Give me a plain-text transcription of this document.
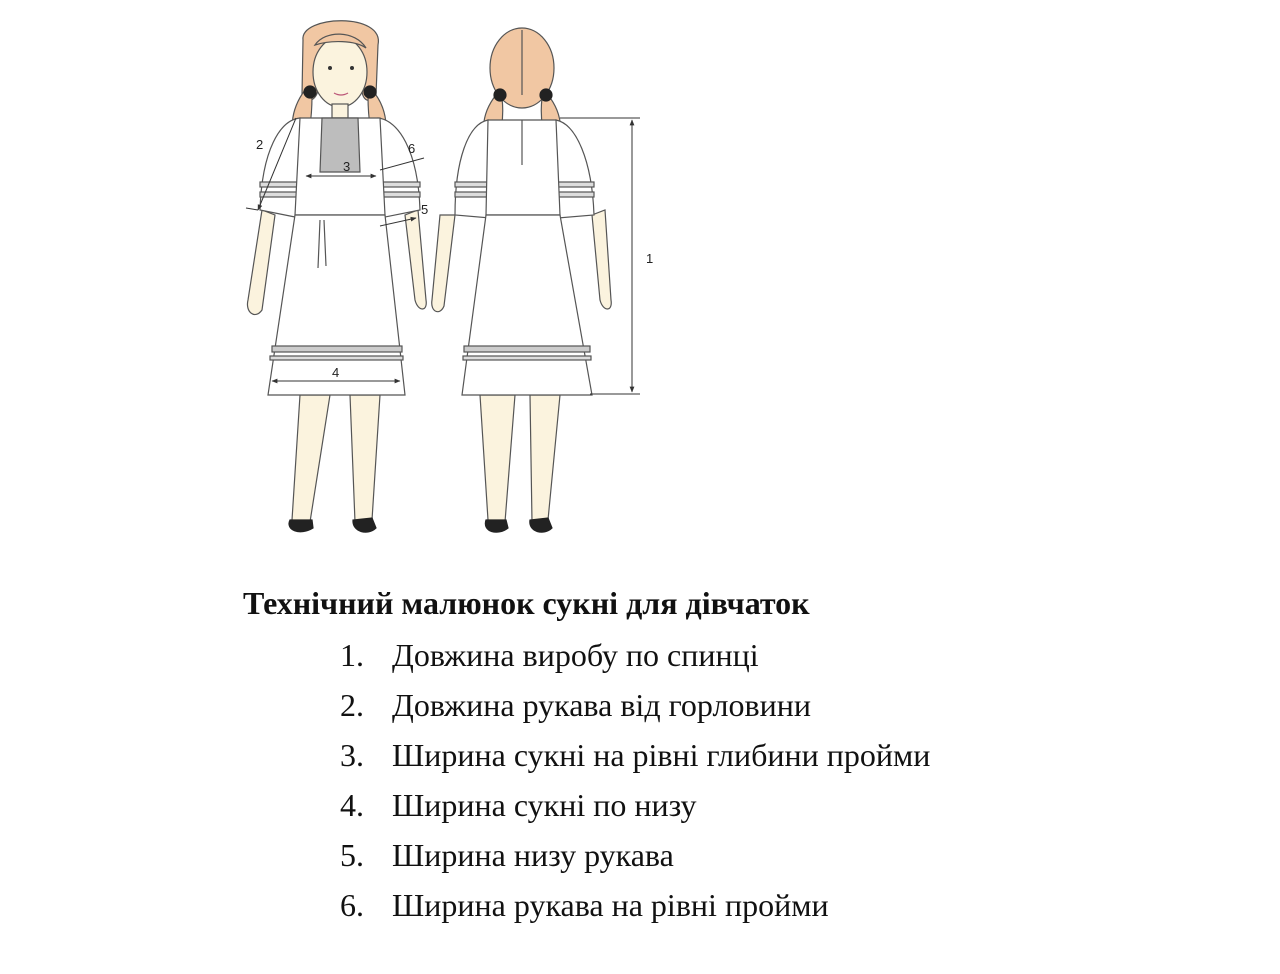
1
2
3
4
5
6

Технічний малюнок сукні для дівчаток

1. Довжина виробу по спинці
2. Довжина рукава від горловини
3. Ширина сукні на рівні глибини пройми
4. Ширина сукні по низу
5. Ширина низу рукава
6. Ширина рукава на рівні пройми
